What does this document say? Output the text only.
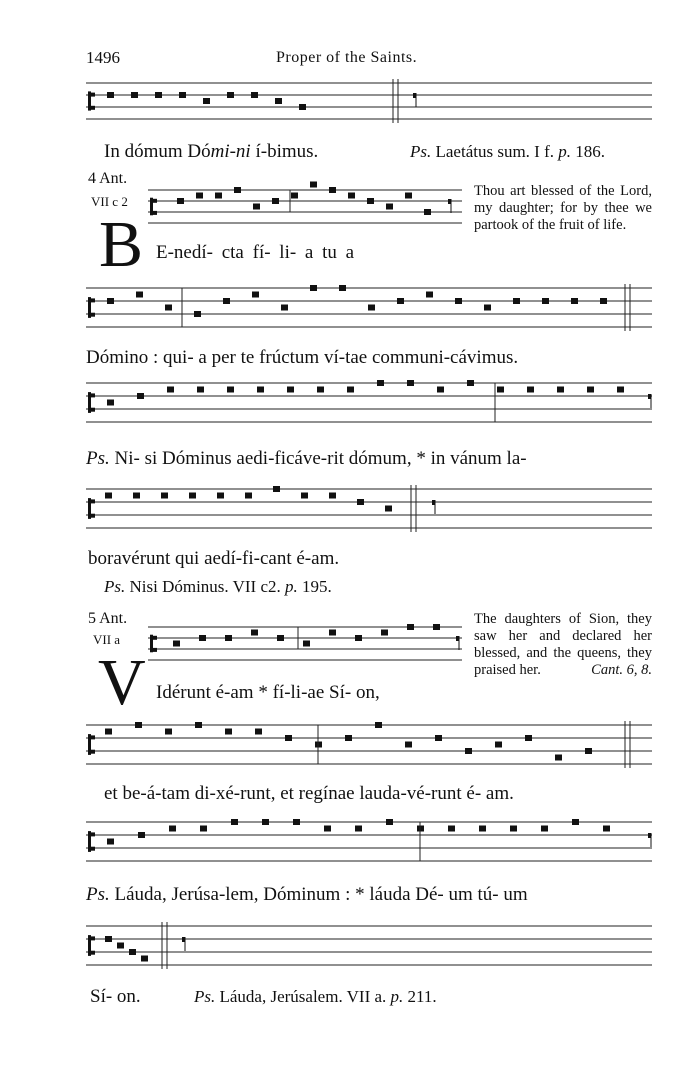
1496	Proper of the Saints.
In dómum Dómi-ni í-bimus.	Ps. Laetátus sum. I f. p. 186.
4 Ant.
VII c 2
B E-nedí- cta fí- li- a tu a
Thou art blessed of the Lord, my daughter; for by thee we partook of the fruit of life.
Dómino : qui- a per te frúctum ví-tae communi-cávimus.
Ps. Ni- si Dóminus aedi-ficáve-rit dómum, * in vánum la-
boravérunt qui aedí-fi-cant é-am.
Ps. Nisi Dóminus. VII c2. p. 195.
5 Ant.
VII a
V Idérunt é-am * fí-li-ae Sí- on,
The daughters of Sion, they saw her and declared her blessed, and the queens, they praised her.	Cant. 6, 8.
et be-á-tam di-xé-runt, et regínae lauda-vé-runt é- am.
Ps. Láuda, Jerúsa-lem, Dóminum : * láuda Dé- um tú- um
Sí- on.	Ps. Láuda, Jerúsalem. VII a. p. 211.
